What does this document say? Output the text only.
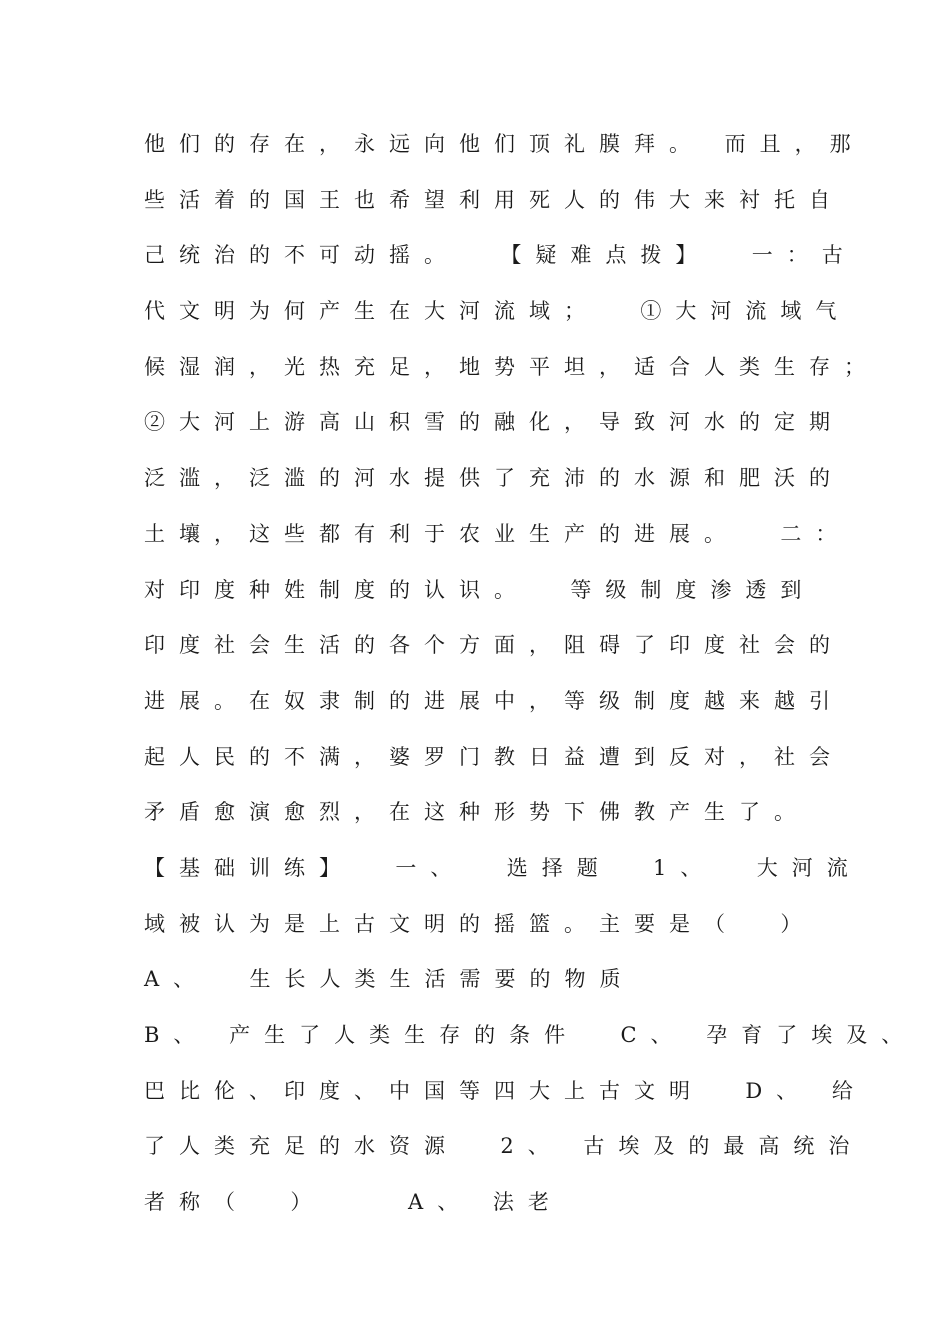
他们的存在，永远向他们顶礼膜拜。 而且，那
些活着的国王也希望利用死人的伟大来衬托自
己统治的不可动摇。  【疑难点拨】  一：古
代文明为何产生在大河流域；  ①大河流域气
候湿润，光热充足，地势平坦，适合人类生存；
②大河上游高山积雪的融化，导致河水的定期
泛滥，泛滥的河水提供了充沛的水源和肥沃的
土壤，这些都有利于农业生产的进展。  二：
对印度种姓制度的认识。  等级制度渗透到
印度社会生活的各个方面，阻碍了印度社会的
进展。在奴隶制的进展中，等级制度越来越引
起人民的不满，婆罗门教日益遭到反对，社会
矛盾愈演愈烈，在这种形势下佛教产生了。
【基础训练】  一、  选择题  1、  大河流
域被认为是上古文明的摇篮。主要是（  ）
A、  生长人类生活需要的物质
B、 产生了人类生存的条件  C、 孕育了埃及、
巴比伦、印度、中国等四大上古文明  D、 给
了人类充足的水资源  2、 古埃及的最高统治
者称（  ）    A、 法老
